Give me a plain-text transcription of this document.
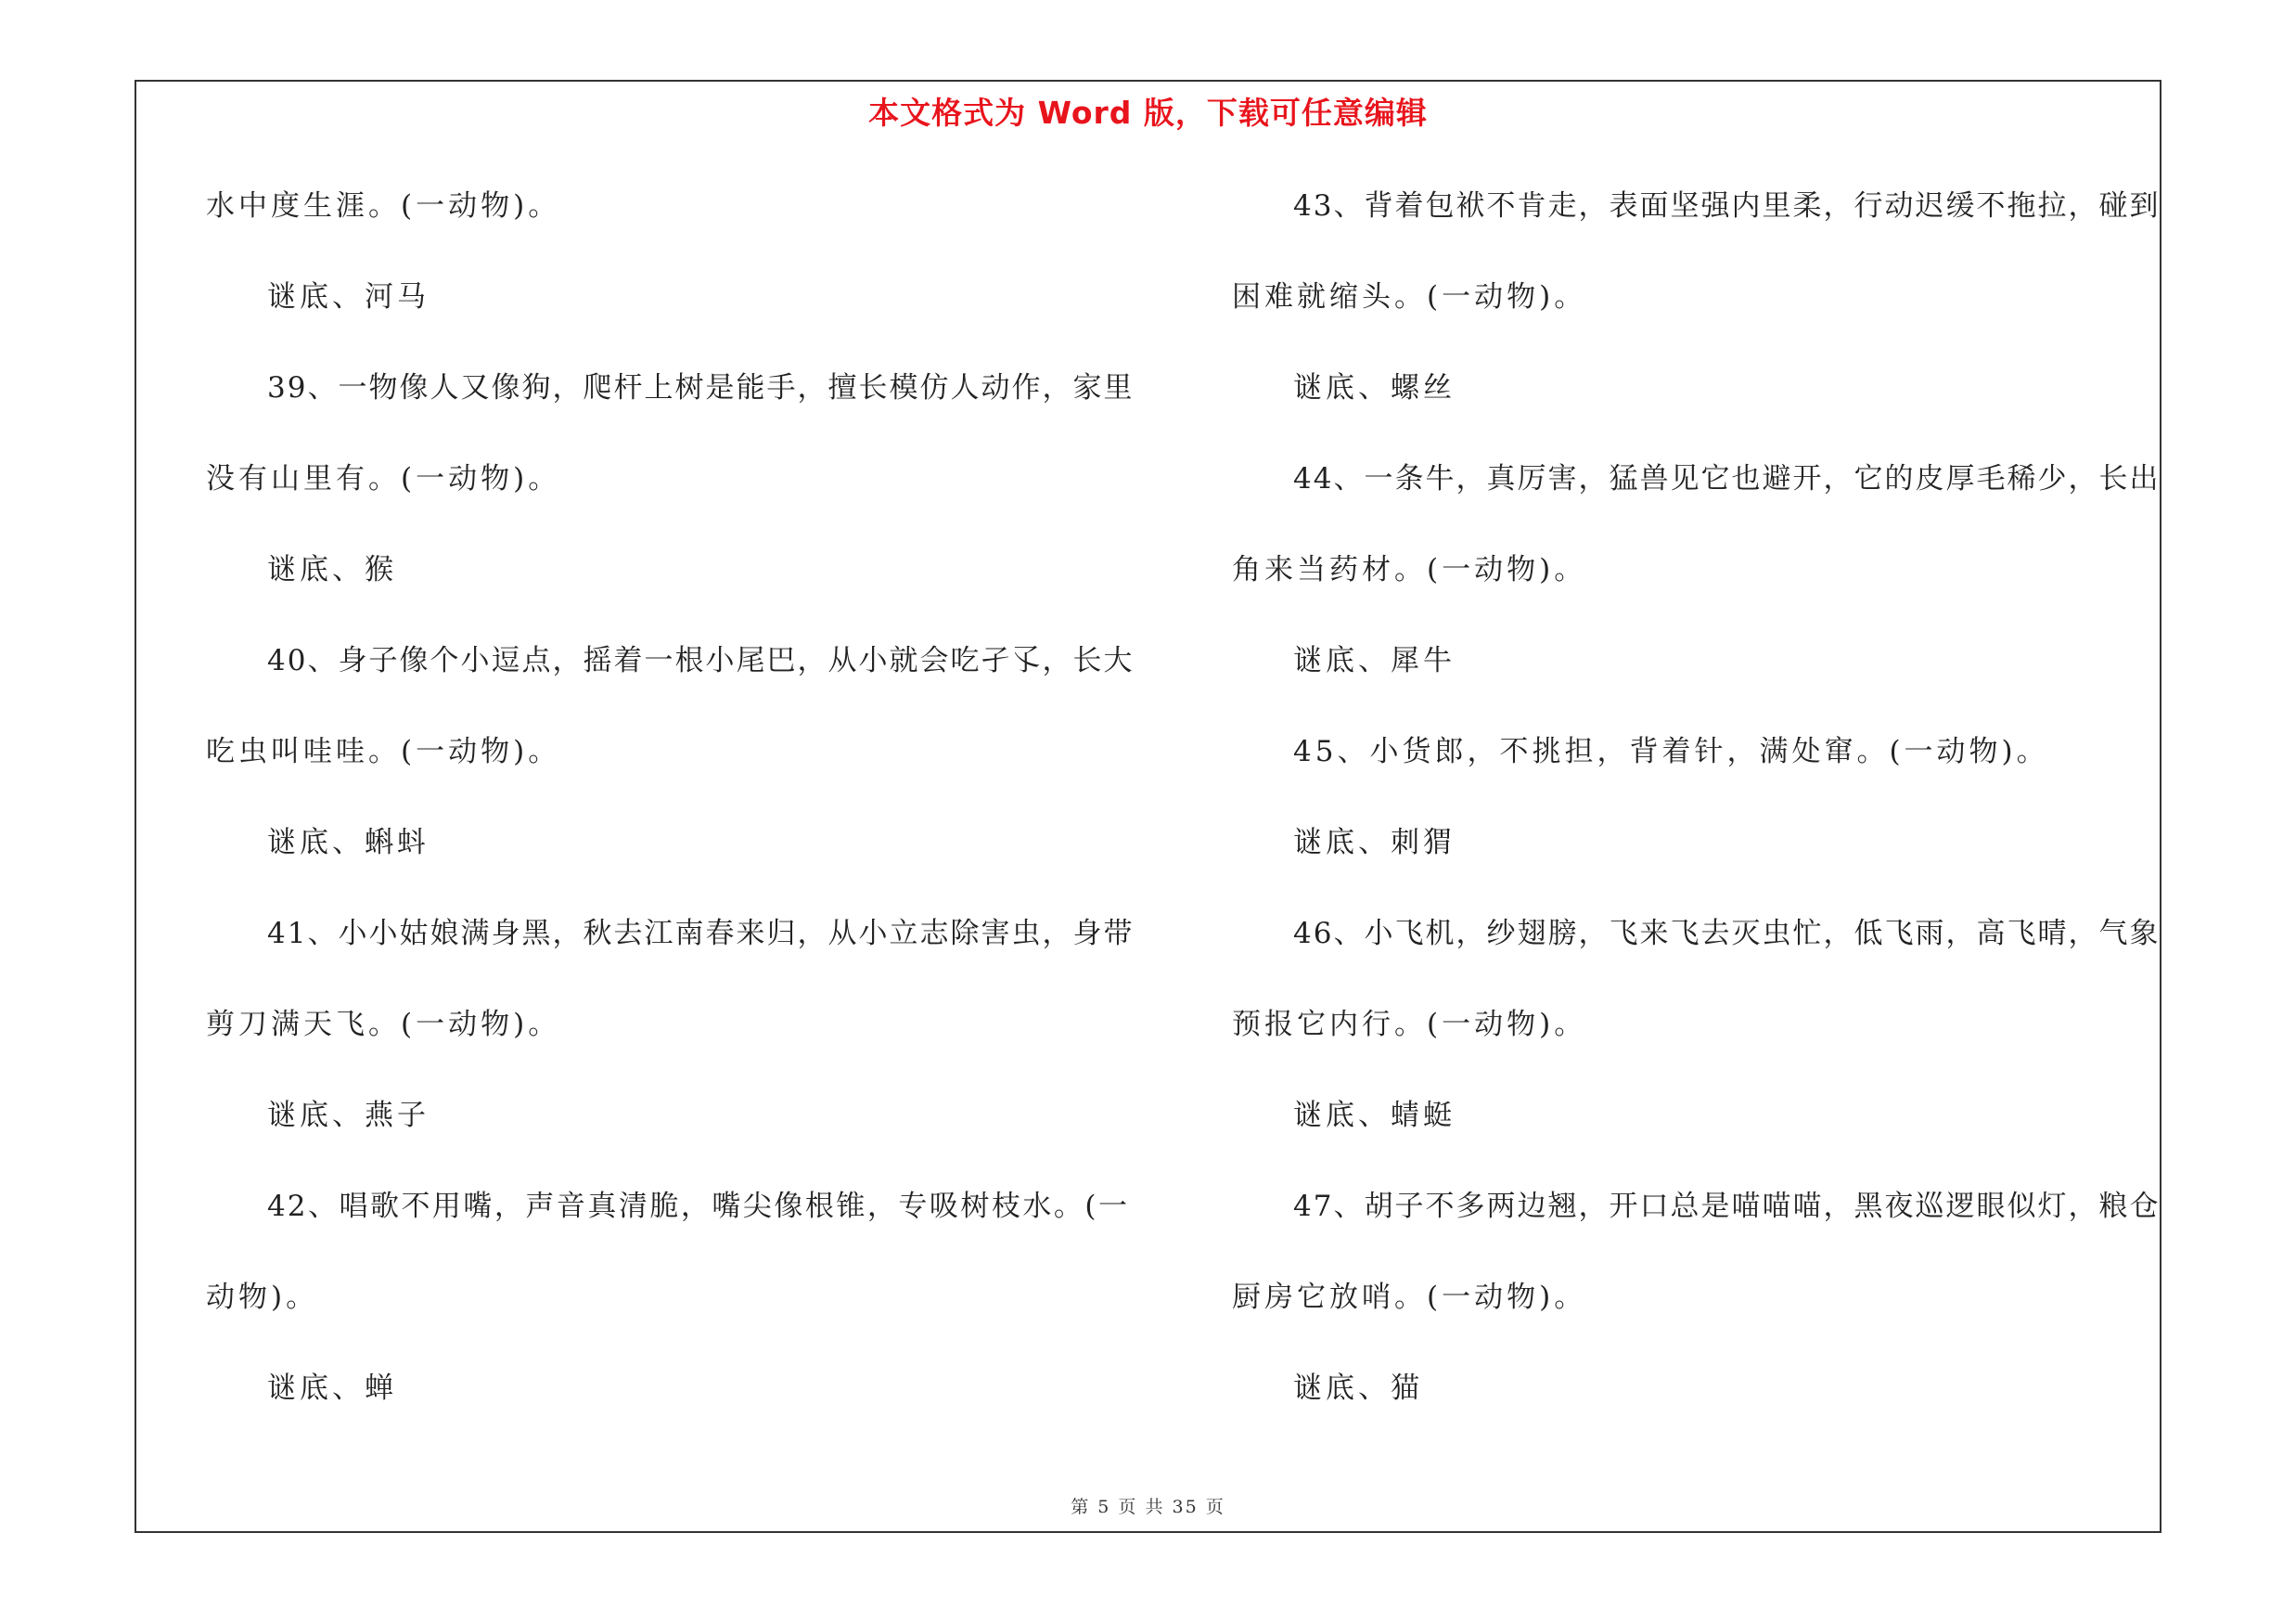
本文格式为 Word 版，下载可任意编辑
水中度生涯。(一动物)。
谜底、河马
39、一物像人又像狗，爬杆上树是能手，擅长模仿人动作，家里
没有山里有。(一动物)。
谜底、猴
40、身子像个小逗点，摇着一根小尾巴，从小就会吃孑孓，长大
吃虫叫哇哇。(一动物)。
谜底、蝌蚪
41、小小姑娘满身黑，秋去江南春来归，从小立志除害虫，身带
剪刀满天飞。(一动物)。
谜底、燕子
42、唱歌不用嘴，声音真清脆，嘴尖像根锥，专吸树枝水。(一
动物)。
谜底、蝉
43、背着包袱不肯走，表面坚强内里柔，行动迟缓不拖拉，碰到
困难就缩头。(一动物)。
谜底、螺丝
44、一条牛，真厉害，猛兽见它也避开，它的皮厚毛稀少，长出
角来当药材。(一动物)。
谜底、犀牛
45、小货郎，不挑担，背着针，满处窜。(一动物)。
谜底、刺猬
46、小飞机，纱翅膀，飞来飞去灭虫忙，低飞雨，高飞晴，气象
预报它内行。(一动物)。
谜底、蜻蜓
47、胡子不多两边翘，开口总是喵喵喵，黑夜巡逻眼似灯，粮仓
厨房它放哨。(一动物)。
谜底、猫
第 5 页 共 35 页
